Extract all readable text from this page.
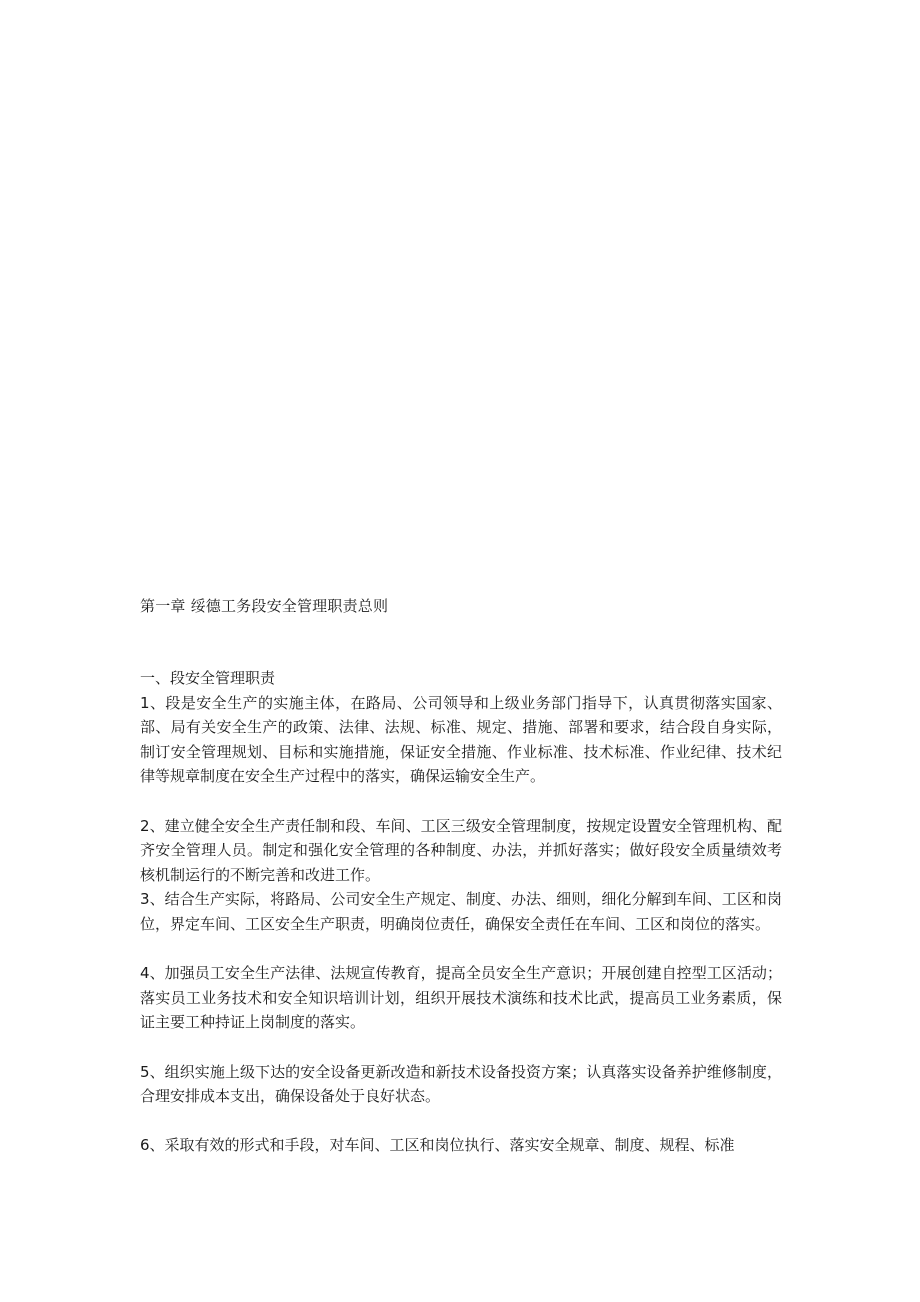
第一章 绥德工务段安全管理职责总则

一、段安全管理职责

1、段是安全生产的实施主体，在路局、公司领导和上级业务部门指导下，认真贯彻落实国家、部、局有关安全生产的政策、法律、法规、标准、规定、措施、部署和要求，结合段自身实际，制订安全管理规划、目标和实施措施，保证安全措施、作业标准、技术标准、作业纪律、技术纪律等规章制度在安全生产过程中的落实，确保运输安全生产。

2、建立健全安全生产责任制和段、车间、工区三级安全管理制度，按规定设置安全管理机构、配齐安全管理人员。制定和强化安全管理的各种制度、办法，并抓好落实；做好段安全质量绩效考核机制运行的不断完善和改进工作。

3、结合生产实际，将路局、公司安全生产规定、制度、办法、细则，细化分解到车间、工区和岗位，界定车间、工区安全生产职责，明确岗位责任，确保安全责任在车间、工区和岗位的落实。

4、加强员工安全生产法律、法规宣传教育，提高全员安全生产意识；开展创建自控型工区活动；落实员工业务技术和安全知识培训计划，组织开展技术演练和技术比武，提高员工业务素质，保证主要工种持证上岗制度的落实。

5、组织实施上级下达的安全设备更新改造和新技术设备投资方案；认真落实设备养护维修制度，合理安排成本支出，确保设备处于良好状态。

6、采取有效的形式和手段，对车间、工区和岗位执行、落实安全规章、制度、规程、标准
